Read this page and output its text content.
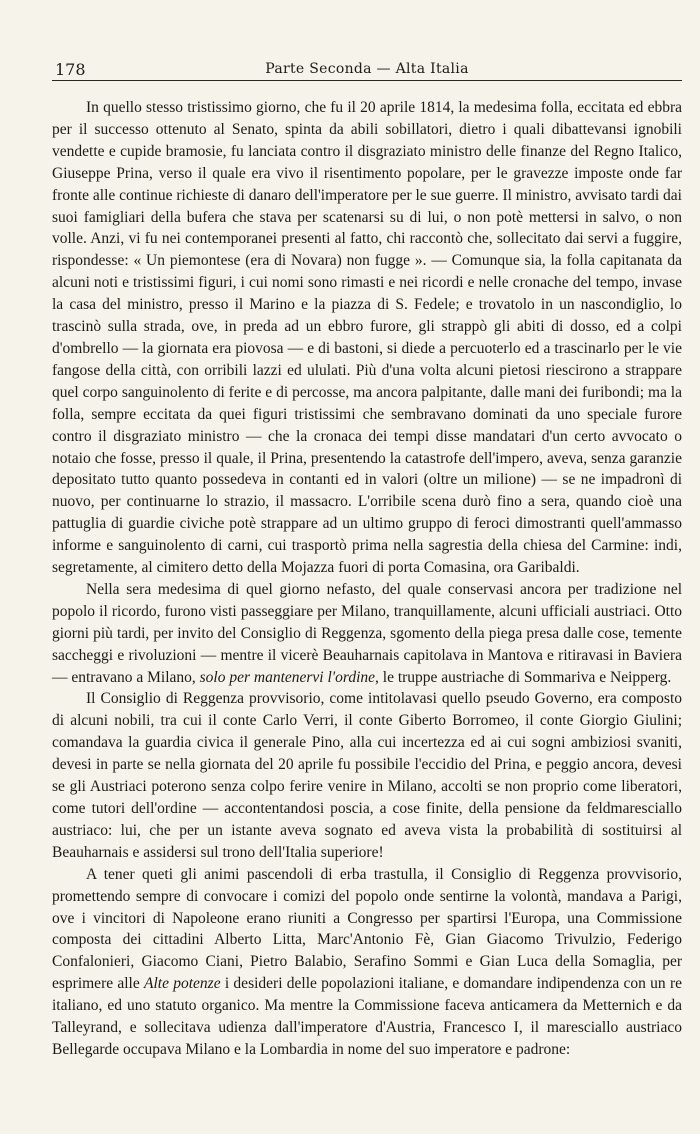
178	Parte Seconda — Alta Italia

In quello stesso tristissimo giorno, che fu il 20 aprile 1814, la medesima folla, eccitata ed ebbra per il successo ottenuto al Senato, spinta da abili sobillatori, dietro i quali dibattevansi ignobili vendette e cupide bramosie, fu lanciata contro il disgraziato ministro delle finanze del Regno Italico, Giuseppe Prina, verso il quale era vivo il risentimento popolare, per le gravezze imposte onde far fronte alle continue richieste di danaro dell'imperatore per le sue guerre. Il ministro, avvisato tardi dai suoi famigliari della bufera che stava per scatenarsi su di lui, o non potè mettersi in salvo, o non volle. Anzi, vi fu nei contemporanei presenti al fatto, chi raccontò che, sollecitato dai servi a fuggire, rispondesse: « Un piemontese (era di Novara) non fugge ». — Comunque sia, la folla capitanata da alcuni noti e tristissimi figuri, i cui nomi sono rimasti e nei ricordi e nelle cronache del tempo, invase la casa del ministro, presso il Marino e la piazza di S. Fedele; e trovatolo in un nascondiglio, lo trascinò sulla strada, ove, in preda ad un ebbro furore, gli strappò gli abiti di dosso, ed a colpi d'ombrello — la giornata era piovosa — e di bastoni, si diede a percuoterlo ed a trascinarlo per le vie fangose della città, con orribili lazzi ed ululati. Più d'una volta alcuni pietosi riescirono a strappare quel corpo sanguinolento di ferite e di percosse, ma ancora palpitante, dalle mani dei furibondi; ma la folla, sempre eccitata da quei figuri tristissimi che sembravano dominati da uno speciale furore contro il disgraziato ministro — che la cronaca dei tempi disse mandatari d'un certo avvocato o notaio che fosse, presso il quale, il Prina, presentendo la catastrofe dell'impero, aveva, senza garanzie depositato tutto quanto possedeva in contanti ed in valori (oltre un milione) — se ne impadronì di nuovo, per continuarne lo strazio, il massacro. L'orribile scena durò fino a sera, quando cioè una pattuglia di guardie civiche potè strappare ad un ultimo gruppo di feroci dimostranti quell'ammasso informe e sanguinolento di carni, cui trasportò prima nella sagrestia della chiesa del Carmine: indi, segretamente, al cimitero detto della Mojazza fuori di porta Comasina, ora Garibaldi.

Nella sera medesima di quel giorno nefasto, del quale conservasi ancora per tradizione nel popolo il ricordo, furono visti passeggiare per Milano, tranquillamente, alcuni ufficiali austriaci. Otto giorni più tardi, per invito del Consiglio di Reggenza, sgomento della piega presa dalle cose, temente saccheggi e rivoluzioni — mentre il vicerè Beauharnais capitolava in Mantova e ritiravasi in Baviera — entravano a Milano, solo per mantenervi l'ordine, le truppe austriache di Sommariva e Neipperg.

Il Consiglio di Reggenza provvisorio, come intitolavasi quello pseudo Governo, era composto di alcuni nobili, tra cui il conte Carlo Verri, il conte Giberto Borromeo, il conte Giorgio Giulini; comandava la guardia civica il generale Pino, alla cui incertezza ed ai cui sogni ambiziosi svaniti, devesi in parte se nella giornata del 20 aprile fu possibile l'eccidio del Prina, e peggio ancora, devesi se gli Austriaci poterono senza colpo ferire venire in Milano, accolti se non proprio come liberatori, come tutori dell'ordine — accontentandosi poscia, a cose finite, della pensione da feldmaresciallo austriaco: lui, che per un istante aveva sognato ed aveva vista la probabilità di sostituirsi al Beauharnais e assidersi sul trono dell'Italia superiore!

A tener queti gli animi pascendoli di erba trastulla, il Consiglio di Reggenza provvisorio, promettendo sempre di convocare i comizi del popolo onde sentirne la volontà, mandava a Parigi, ove i vincitori di Napoleone erano riuniti a Congresso per spartirsi l'Europa, una Commissione composta dei cittadini Alberto Litta, Marc'Antonio Fè, Gian Giacomo Trivulzio, Federigo Confalonieri, Giacomo Ciani, Pietro Balabio, Serafino Sommi e Gian Luca della Somaglia, per esprimere alle Alte potenze i desideri delle popolazioni italiane, e domandare indipendenza con un re italiano, ed uno statuto organico. Ma mentre la Commissione faceva anticamera da Metternich e da Talleyrand, e sollecitava udienza dall'imperatore d'Austria, Francesco I, il maresciallo austriaco Bellegarde occupava Milano e la Lombardia in nome del suo imperatore e padrone:
